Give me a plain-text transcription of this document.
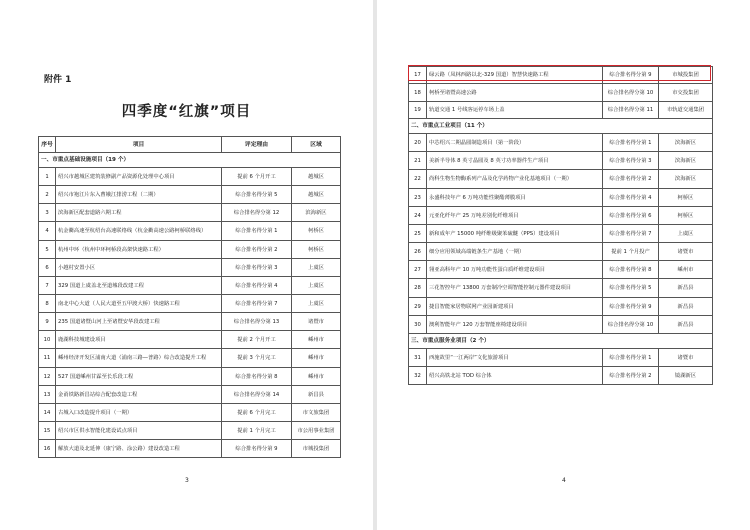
附件 1
四季度“红旗”项目
序号	项目	评定理由	区域
一、市重点基础设施项目（19 个）			
1	绍兴市越城区建筑装修副产品资源化处理中心项目	提前 6 个月开工	越城区
2	绍兴市袍江片东入曹娥江排涝工程（二期）	综合排名得分第 5	越城区
3	滨海新区配套道路六期工程	综合排名得分第 12	滨海新区
4	杭金衢高速至杭绍台高速联络线（杭金衢高速公路柯桥联络线）	综合排名得分第 1	柯桥区
5	杭州中环（杭州中环柯桥段高架快速路工程）	综合排名得分第 2	柯桥区
6	小越村安置小区	综合排名得分第 3	上虞区
7	329 国道上虞盖北至道墟段改建工程	综合排名得分第 4	上虞区
8	南北中心大道（人民大道至五甲渡大桥）快速路工程	综合排名得分第 7	上虞区
9	235 国道诸暨山河上至诸暨安华段改建工程	综合排名得分第 13	诸暨市
10	鹿湖科技城建设项目	提前 2 个月开工	嵊州市
11	嵊州经济开发区浦南大道（浦南三路—普路）综合改造提升工程	提前 3 个月完工	嵊州市
12	527 国道嵊州甘霖至长乐段工程	综合排名得分第 8	嵊州市
13	金甬铁路新昌站综合配套改造工程	综合排名得分第 14	新昌县
14	古城入口改造提升项目（一期）	提前 6 个月完工	市文旅集团
15	绍兴市区供水智能化建设试点项目	提前 1 个月完工	市公用事业集团
16	解放大道及北延伸（康宁路、涂公路）建设改造工程	综合排名得分第 9	市城投集团
3
17	绿云路（凤林西路以北-329 国道）智慧快速路工程	综合排名得分第 9	市城投集团
18	柯桥至诸暨高速公路	综合排名得分第 10	市交投集团
19	轨道交通 1 号线客运停车场上盖	综合排名得分第 11	市轨道交通集团
二、市重点工业项目（11 个）			
20	中芯绍兴二期晶圆制造项目（第一阶段）	综合排名得分第 1	滨海新区
21	美新半导体 8 英寸晶圆及 8 英寸功率器件生产项目	综合排名得分第 3	滨海新区
22	尚科生物生物酶系列产品及化学药物产业化基地项目（一期）	综合排名得分第 2	滨海新区
23	永盛科技年产 6 万吨功能性聚酯薄膜项目	综合排名得分第 4	柯桥区
24	元亚化纤年产 25 万吨差别化纤维项目	综合排名得分第 6	柯桥区
25	新和成年产 15000 吨纤维级聚苯硫醚（PPS）建设项目	综合排名得分第 7	上虞区
26	细分应用领域高端链条生产基地（一期）	提前 1 个月投产	诸暨市
27	翎亚高科年产 10 万吨功能性蛋白质纤维建设项目	综合排名得分第 8	嵊州市
28	三花智控年产 13800 万套制冷空调智能控制元器件建设项目	综合排名得分第 5	新昌县
29	捷昌智能家居物联网产业园新建项目	综合排名得分第 9	新昌县
30	澳利智能年产 120 万套智能座椅建设项目	综合排名得分第 10	新昌县
三、市重点服务业项目（2 个）			
31	西施故里“一江两岸”文化旅游项目	综合排名得分第 1	诸暨市
32	绍兴高铁北站 TOD 综合体	综合排名得分第 2	镜湖新区
4
